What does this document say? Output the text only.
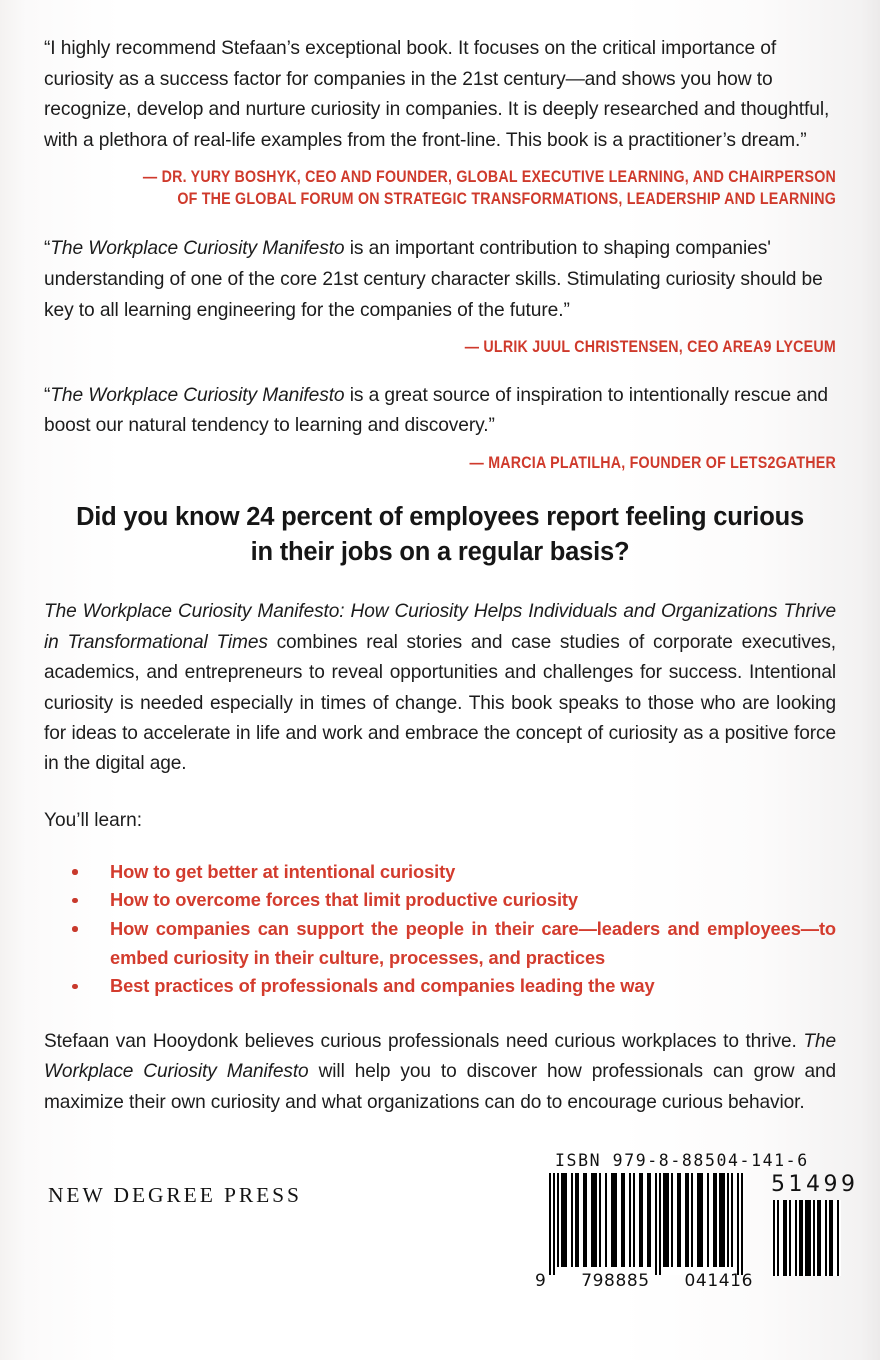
“I highly recommend Stefaan’s exceptional book. It focuses on the critical importance of curiosity as a success factor for companies in the 21st century—and shows you how to recognize, develop and nurture curiosity in companies. It is deeply researched and thoughtful, with a plethora of real-life examples from the front-line. This book is a practitioner’s dream.”

— DR. YURY BOSHYK, CEO AND FOUNDER, GLOBAL EXECUTIVE LEARNING, AND CHAIRPERSON OF THE GLOBAL FORUM ON STRATEGIC TRANSFORMATIONS, LEADERSHIP AND LEARNING

“The Workplace Curiosity Manifesto is an important contribution to shaping companies' understanding of one of the core 21st century character skills. Stimulating curiosity should be key to all learning engineering for the companies of the future.”

— ULRIK JUUL CHRISTENSEN, CEO AREA9 LYCEUM

“The Workplace Curiosity Manifesto is a great source of inspiration to intentionally rescue and boost our natural tendency to learning and discovery.”

— MARCIA PLATILHA, FOUNDER OF LETS2GATHER

Did you know 24 percent of employees report feeling curious in their jobs on a regular basis?

The Workplace Curiosity Manifesto: How Curiosity Helps Individuals and Organizations Thrive in Transformational Times combines real stories and case studies of corporate executives, academics, and entrepreneurs to reveal opportunities and challenges for success. Intentional curiosity is needed especially in times of change. This book speaks to those who are looking for ideas to accelerate in life and work and embrace the concept of curiosity as a positive force in the digital age.

You’ll learn:

How to get better at intentional curiosity
How to overcome forces that limit productive curiosity
How companies can support the people in their care—leaders and employees—to embed curiosity in their culture, processes, and practices
Best practices of professionals and companies leading the way

Stefaan van Hooydonk believes curious professionals need curious workplaces to thrive. The Workplace Curiosity Manifesto will help you to discover how professionals can grow and maximize their own curiosity and what organizations can do to encourage curious behavior.

NEW DEGREE PRESS
ISBN 979-8-88504-141-6
9 798885 041416
51499
